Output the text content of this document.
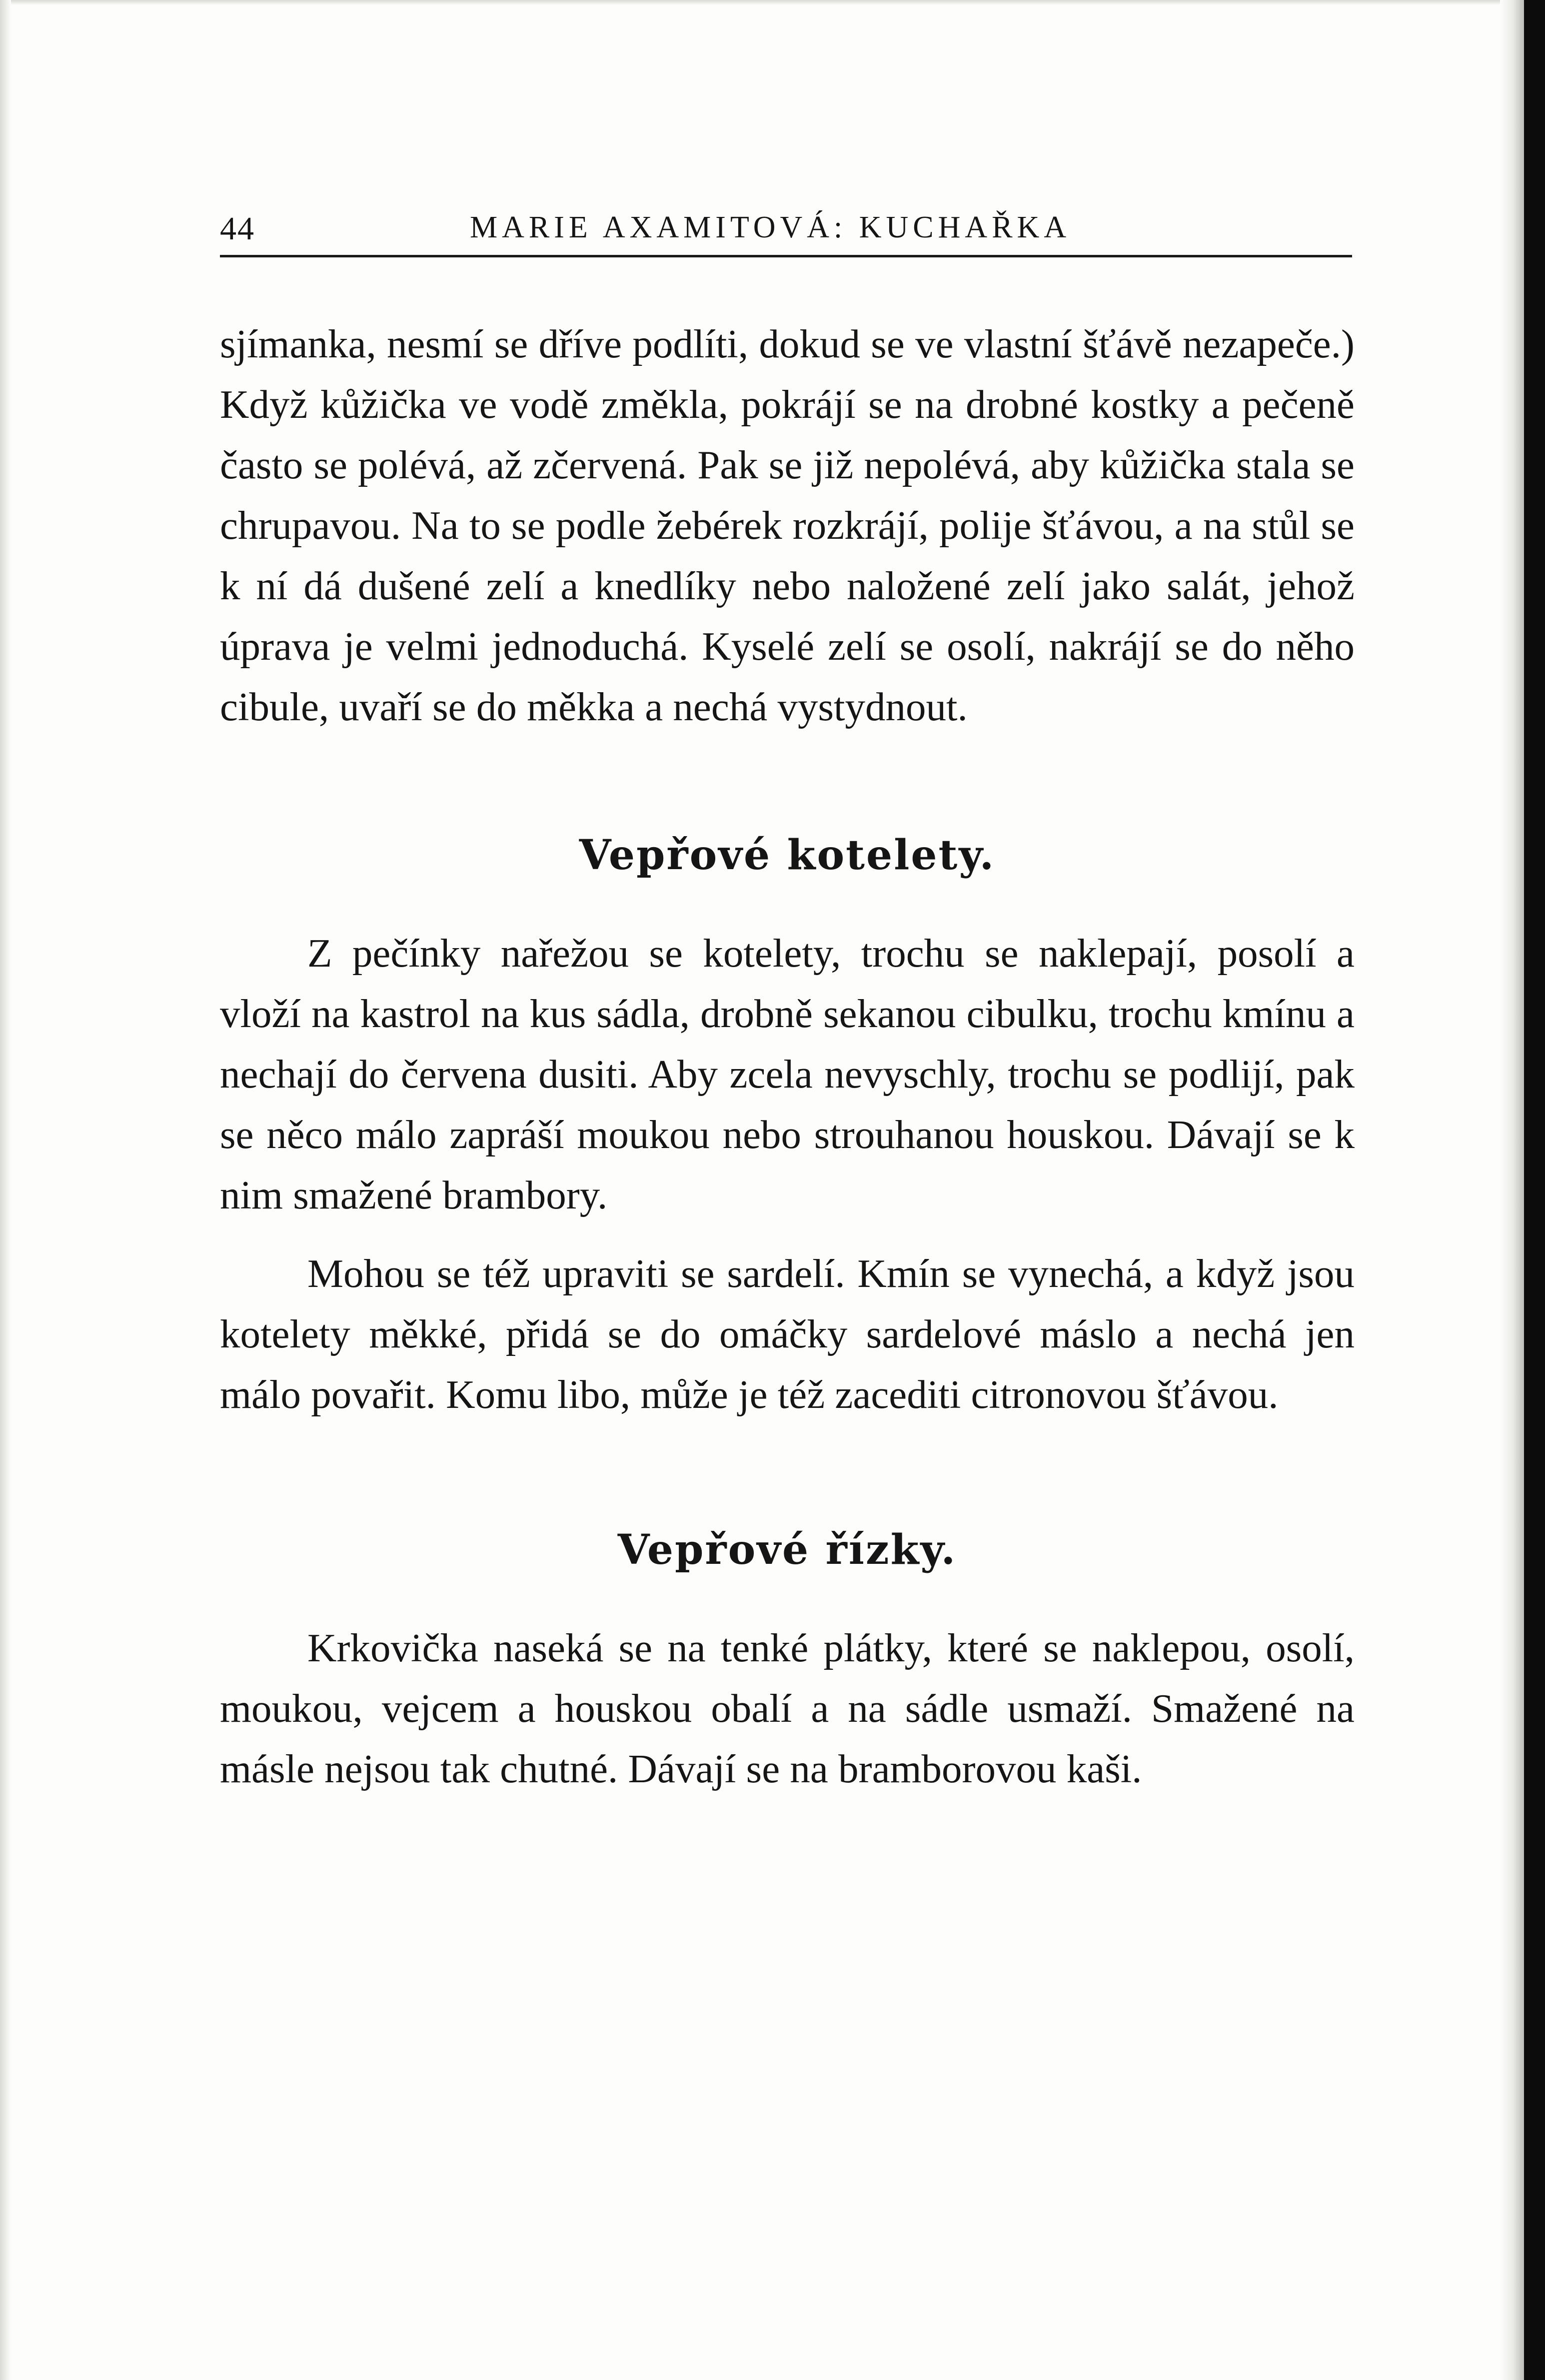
44	MARIE AXAMITOVÁ: KUCHAŘKA

sjímanka, nesmí se dříve podlíti, dokud se ve vlastní šťávě nezapeče.) Když kůžička ve vodě změkla, pokrájí se na drobné kostky a pečeně často se polévá, až zčervená. Pak se již nepolévá, aby kůžička stala se chrupavou. Na to se podle žebérek rozkrájí, polije šťávou, a na stůl se k ní dá dušené zelí a knedlíky nebo naložené zelí jako salát, jehož úprava je velmi jednoduchá. Kyselé zelí se osolí, nakrájí se do něho cibule, uvaří se do měkka a nechá vystydnout.

Vepřové kotelety.

Z pečínky nařežou se kotelety, trochu se naklepají, posolí a vloží na kastrol na kus sádla, drobně sekanou cibulku, trochu kmínu a nechají do červena dusiti. Aby zcela nevyschly, trochu se podlijí, pak se něco málo zapráší moukou nebo strouhanou houskou. Dávají se k nim smažené brambory.

Mohou se též upraviti se sardelí. Kmín se vynechá, a když jsou kotelety měkké, přidá se do omáčky sardelové máslo a nechá jen málo povařit. Komu libo, může je též zacediti citronovou šťávou.

Vepřové řízky.

Krkovička naseká se na tenké plátky, které se naklepou, osolí, moukou, vejcem a houskou obalí a na sádle usmaží. Smažené na másle nejsou tak chutné. Dávají se na bramborovou kaši.
